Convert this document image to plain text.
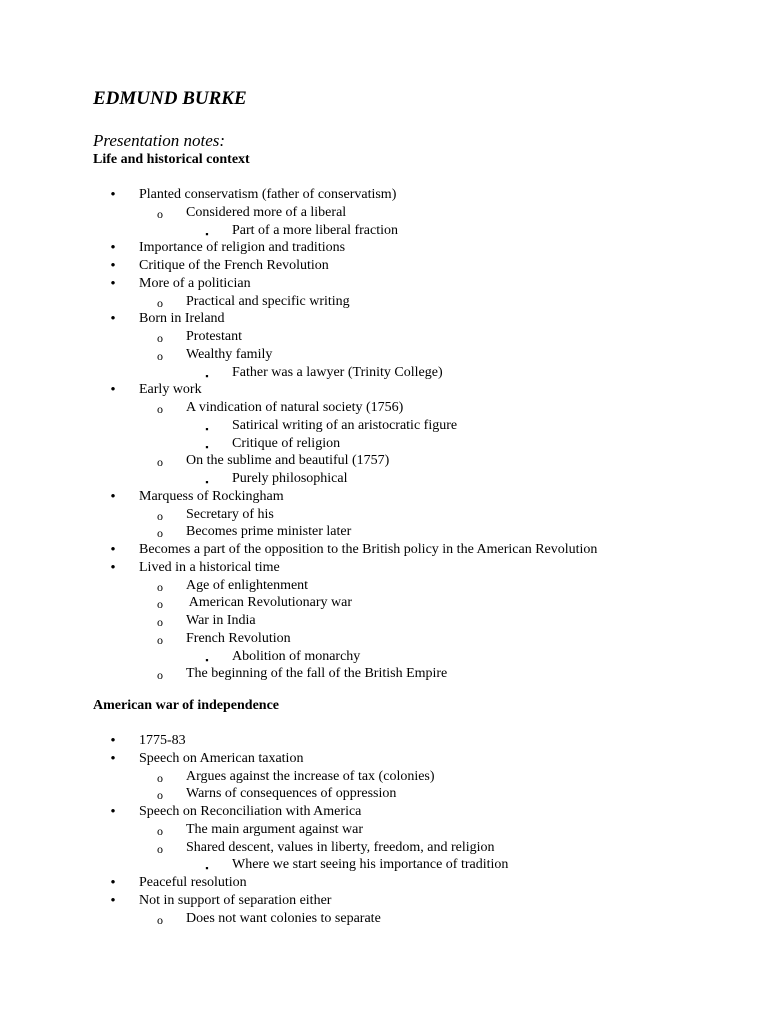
EDMUND BURKE
Presentation notes:
Life and historical context
• Planted conservatism (father of conservatism)
o Considered more of a liberal
▪	Part of a more liberal fraction
• Importance of religion and traditions
• Critique of the French Revolution
• More of a politician
o Practical and specific writing
• Born in Ireland
o Protestant
o Wealthy family
▪	Father was a lawyer (Trinity College)
• Early work
o A vindication of natural society (1756)
▪	Satirical writing of an aristocratic figure
▪	Critique of religion
o On the sublime and beautiful (1757)
▪	Purely philosophical
• Marquess of Rockingham
o Secretary of his
o Becomes prime minister later
• Becomes a part of the opposition to the British policy in the American Revolution
• Lived in a historical time
o Age of enlightenment
o American Revolutionary war
o War in India
o French Revolution
▪	Abolition of monarchy
o The beginning of the fall of the British Empire
American war of independence
• 1775-83
• Speech on American taxation
o Argues against the increase of tax (colonies)
o Warns of consequences of oppression
• Speech on Reconciliation with America
o The main argument against war
o Shared descent, values in liberty, freedom, and religion
▪	Where we start seeing his importance of tradition
• Peaceful resolution
• Not in support of separation either
o Does not want colonies to separate
